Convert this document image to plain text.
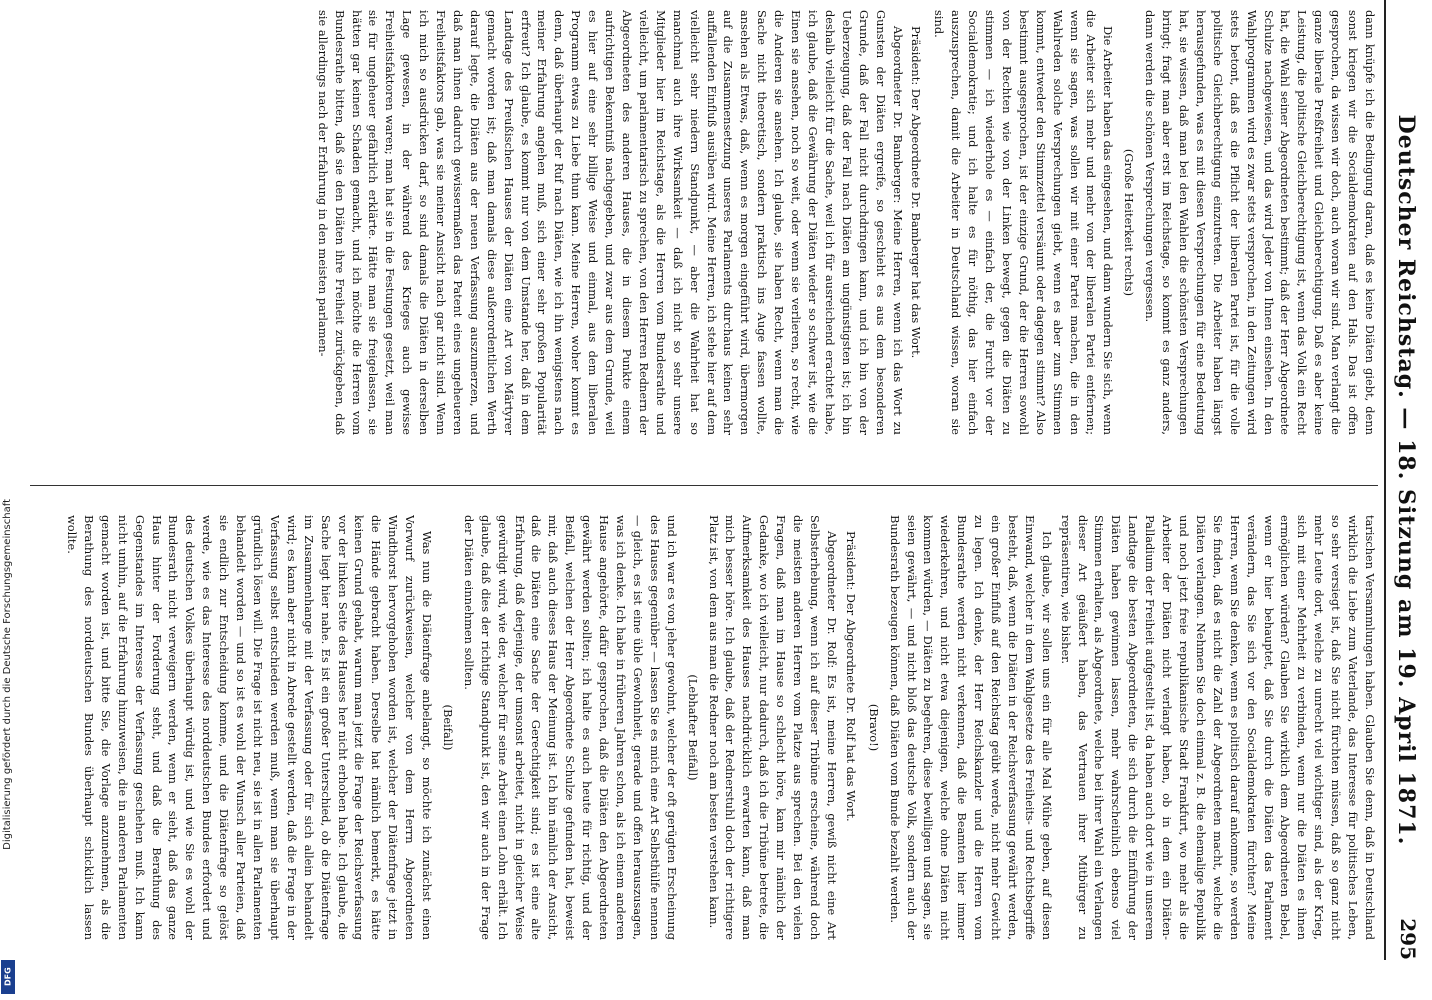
Deutscher Reichstag. — 18. Sitzung am 19. April 1871.
295

dann knüpfe ich die Bedingung daran, daß es keine Diäten giebt, denn sonst kriegen wir die Socialdemokraten auf den Hals. Das ist offen gesprochen, da wissen wir doch, auch woran wir sind. Man verlangt die ganze liberale Preßfreiheit und Gleichberechtigung. Daß es aber keine Leistung, die politische Gleichberechtigung ist, wenn das Volk ein Recht hat, die Wahl seiner Abgeordneten bestimmt; daß der Herr Abgeordnete Schulze nachgewiesen, und das wird Jeder von Ihnen einsehen. In den Wahlprogrammen wird es zwar stets versprochen, in den Zeitungen wird stets betont, daß es die Pflicht der liberalen Partei ist, für die volle politische Gleichberechtigung einzutreten. Die Arbeiter haben längst herausgefunden, was es mit diesen Versprechungen für eine Bedeutung hat, sie wissen, daß man bei den Wahlen die schönsten Versprechungen bringt; fragt man aber erst im Reichstage, so kommt es ganz anders, dann werden die schönen Versprechungen vergessen.

(Große Heiterkeit rechts)

Die Arbeiter haben das eingesehen, und dann wundern Sie sich, wenn die Arbeiter sich mehr und mehr von der liberalen Partei entfernen; wenn sie sagen, was sollen wir mit einer Partei machen, die in den Wahlreden solche Versprechungen giebt, wenn es aber zum Stimmen kommt, entweder den Stimmzettel versäumt oder dagegen stimmt? Also bestimmt ausgesprochen, ist der einzige Grund, der die Herren sowohl von der Rechten wie von der Linken bewegt, gegen die Diäten zu stimmen — ich wiederhole es — einfach der, die Furcht vor der Socialdemokratie; und ich halte es für nöthig, das hier einfach auszusprechen, damit die Arbeiter in Deutschland wissen, woran sie sind.

Präsident: Der Abgeordnete Dr. Bamberger hat das Wort.

Abgeordneter Dr. Bamberger: Meine Herren, wenn ich das Wort zu Gunsten der Diäten ergreife, so geschieht es aus dem besonderen Grunde, daß der Fall nicht durchdringen kann, und ich bin von der Ueberzeugung, daß der Fall nach Diäten am ungünstigsten ist; ich bin deshalb vielleicht für die Sache, weil ich für ausreichend erachtet habe, ich glaube, daß die Gewährung der Diäten wieder so schwer ist, wie die Einen sie ansehen, noch so weit, oder wenn sie verlieren, so recht, wie die Anderen sie ansehen. Ich glaube, sie haben Recht, wenn man die Sache nicht theoretisch, sondern praktisch ins Auge fassen wollte, ansehen als Etwas, daß, wenn es morgen eingeführt wird, übermorgen auf die Zusammensetzung unseres Parlaments durchaus keinen sehr auffallenden Einfluß ausüben wird. Meine Herren, ich stehe hier auf dem vielleicht sehr niedern Standpunkt, — aber die Wahrheit hat so manchmal auch ihre Wirksamkeit — daß ich nicht so sehr unsere Mitglieder hier im Reichstage, als die Herren vom Bundesrathe und vielleicht, um parlamentarisch zu sprechen, von den Herren Rednern der Abgeordneten des anderen Hauses, die in diesem Punkte einem aufrichtigen Bekenntniß nachgegeben, und zwar aus dem Grunde, weil es hier auf eine sehr billige Weise und einmal, aus dem liberalen Programm etwas zu Liebe thun kann. Meine Herren, woher kommt es denn, daß überhaupt der Ruf nach Diäten, wie ich ihn wenigstens nach meiner Erfahrung angehen muß, sich einer sehr großen Popularität erfreut? Ich glaube, es kommt nur von dem Umstande her, daß in dem Landtage des Preußischen Hauses der Diäten eine Art von Märtyrer gemacht worden ist; daß man damals diese außerordentlichen Werth darauf legte, die Diäten aus der neuen Verfassung auszumerzen, und daß man ihnen dadurch gewissermaßen das Patent eines ungeheueren Freiheitsfaktors gab, was sie meiner Ansicht nach gar nicht sind. Wenn ich mich so ausdrücken darf, so sind damals die Diäten in derselben Lage gewesen, in der während des Krieges auch gewisse Freiheitsfaktoren waren; man hat sie in die Festungen gesetzt, weil man sie für ungeheuer gefährlich erklärte. Hätte man sie freigelassen, sie hätten gar keinen Schaden gemacht, und ich möchte die Herren vom Bundesrathe bitten, daß sie den Diäten ihre Freiheit zurückgeben, daß sie allerdings nach der Erfahrung in den meisten parlamen-

tarischen Versammlungen haben. Glauben Sie denn, daß in Deutschland wirklich die Liebe zum Vaterlande, das Interesse für politisches Leben, so sehr versiegt ist, daß Sie nicht fürchten müssen, daß so ganz nicht mehr Leute dort, welche zu unrecht viel wichtiger sind, als der Krieg, sich mit einer Mehrheit zu verbinden, wenn nur die Diäten es ihnen ermöglichen würden? Glauben Sie wirklich dem Abgeordneten Bebel, wenn er hier behauptet, daß Sie durch die Diäten das Parlament verändern, das Sie sich vor den Socialdemokraten fürchten? Meine Herren, wenn Sie denken, wenn es politisch darauf ankomme, so werden Sie finden, daß es nicht die Zahl der Abgeordneten macht, welche die Diäten verlangen. Nehmen Sie doch einmal z. B. die ehemalige Republik und noch jetzt freie republikanische Stadt Frankfurt, wo mehr als die Arbeiter der Diäten nicht verlangt haben, ob in dem ein Diäten-Palladium der Freiheit aufgestellt ist, da haben auch dort wie in unserem Landtage die besten Abgeordneten, die sich durch die Einführung der Diäten haben gewinnen lassen, mehr wahrscheinlich ebenso viel Stimmen erhalten, als Abgeordnete, welche bei ihrer Wahl ein Verlangen dieser Art geäußert haben, das Vertrauen ihrer Mitbürger zu repräsentiren, wie bisher.

Ich glaube, wir sollen uns ein für alle Mal Mühe geben, auf diesen Einwand, welcher in dem Wahlgesetze des Freiheits- und Rechtsbegriffe besteht, daß, wenn die Diäten in der Reichsverfassung gewährt werden, ein großer Einfluß auf den Reichstag geübt werde, nicht mehr Gewicht zu legen. Ich denke, der Herr Reichskanzler und die Herren vom Bundesrathe werden nicht verkennen, daß die Beamten hier immer wiederkehren, und nicht etwa diejenigen, welche ohne Diäten nicht kommen würden, — Diäten zu begehren, diese bewilligen und sagen, sie seien gewährt, — und nicht bloß das deutsche Volk, sondern auch der Bundesrath bezeugen können, daß Diäten vom Bunde bezahlt werden.

(Bravo!)

Präsident: Der Abgeordnete Dr. Rolf hat das Wort.

Abgeordneter Dr. Rolf: Es ist, meine Herren, gewiß nicht eine Art Selbsterhebung, wenn ich auf dieser Tribüne erscheine, während doch die meisten anderen Herren vom Platze aus sprechen. Bei den vielen Fragen, daß man im Hause so schlecht höre, kam mir nämlich der Gedanke, wo ich vielleicht, nur dadurch, daß ich die Tribüne betrete, die Aufmerksamkeit des Hauses nachdrücklich erwarten kann, daß man mich besser höre. Ich glaube, daß der Rednerstuhl doch der richtigere Platz ist, von dem aus man die Redner noch am besten verstehen kann.

(Lebhafter Beifall)

und ich war es von jeher gewohnt, welcher der oft gerügten Erscheinung des Hauses gegenüber — lassen Sie es mich eine Art Selbsthülfe nennen — gleich, es ist eine üble Gewohnheit, gerade und offen herauszusagen, was ich denke. Ich habe in früheren Jahren schon, als ich einem anderen Hause angehörte, dafür gesprochen, daß die Diäten den Abgeordneten gewährt werden sollten; ich halte es auch heute für richtig, und der Beifall, welchen der Herr Abgeordnete Schulze gefunden hat, beweist mir, daß auch dieses Haus der Meinung ist. Ich bin nämlich der Ansicht, daß die Diäten eine Sache der Gerechtigkeit sind; es ist eine alte Erfahrung, daß derjenige, der umsonst arbeitet, nicht in gleicher Weise gewürdigt wird, wie der, welcher für seine Arbeit einen Lohn erhält. Ich glaube, daß dies der richtige Standpunkt ist, den wir auch in der Frage der Diäten einnehmen sollten.

(Beifall)

Was nun die Diätenfrage anbelangt, so möchte ich zunächst einen Vorwurf zurückweisen, welcher von dem Herrn Abgeordneten Windthorst hervorgehoben worden ist, welcher der Diätenfrage jetzt in die Hände gebracht haben. Derselbe hat nämlich bemerkt, es hätte keinen Grund gehabt, warum man jetzt die Frage der Reichsverfassung vor der linken Seite des Hauses her nicht erhoben habe. Ich glaube, die Sache liegt hier nahe. Es ist ein großer Unterschied, ob die Diätenfrage im Zusammenhange mit der Verfassung oder für sich allein behandelt wird; es kann aber nicht in Abrede gestellt werden, daß die Frage in der Verfassung selbst entschieden werden muß, wenn man sie überhaupt gründlich lösen will. Die Frage ist nicht neu, sie ist in allen Parlamenten behandelt worden — und so ist es wohl der Wunsch aller Parteien, daß sie endlich zur Entscheidung komme, und die Diätenfrage so gelöst werde, wie es das Interesse des norddeutschen Bundes erfordert und des deutschen Volkes überhaupt würdig ist, und wie Sie es wohl der Bundesrath nicht verweigern werden, wenn er sieht, daß das ganze Haus hinter der Forderung steht, und daß die Berathung des Gegenstandes im Interesse der Verfassung geschehen muß. Ich kann nicht umhin, auf die Erfahrung hinzuweisen, die in anderen Parlamenten gemacht worden ist, und bitte Sie, die Vorlage anzunehmen, als die Berathung des norddeutschen Bundes überhaupt schicklich lassen wollte.

Digitalisierung gefördert durch die Deutsche Forschungsgemeinschaft
DFG
